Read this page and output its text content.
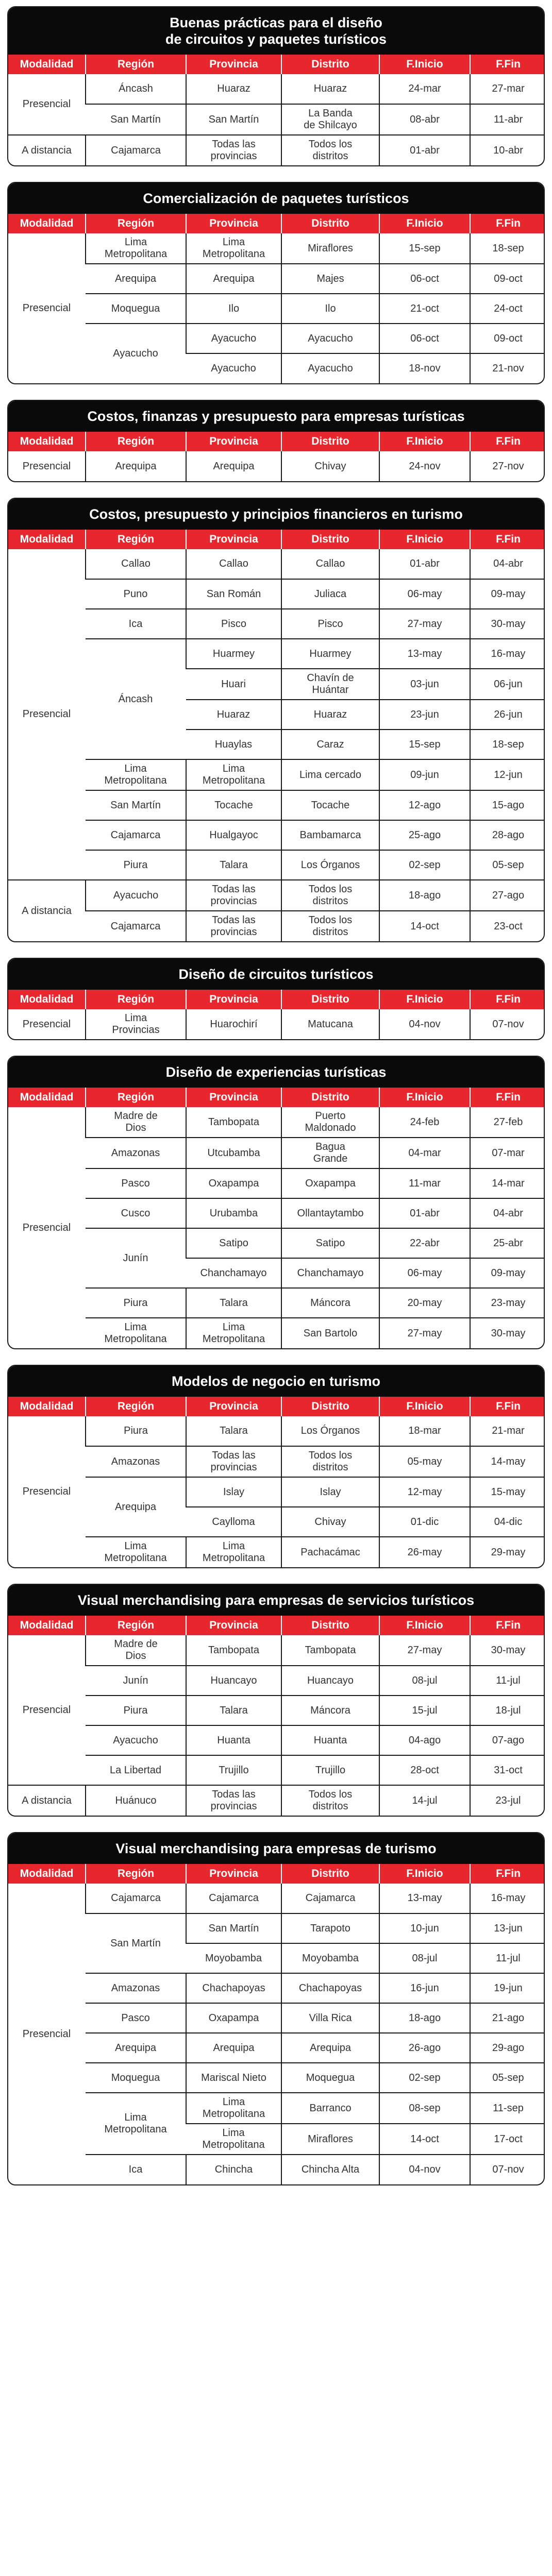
Buenas prácticas para el diseño
de circuitos y paquetes turísticos
Modalidad	Región	Provincia	Distrito	F.Inicio	F.Fin
Presencial	Áncash	Huaraz	Huaraz	24-mar	27-mar
	San Martín	San Martín	La Banda
de Shilcayo	08-abr	11-abr
A distancia	Cajamarca	Todas las
provincias	Todos los
distritos	01-abr	10-abr
Comercialización de paquetes turísticos
Modalidad	Región	Provincia	Distrito	F.Inicio	F.Fin
Presencial	Lima
Metropolitana	Lima
Metropolitana	Miraflores	15-sep	18-sep
	Arequipa	Arequipa	Majes	06-oct	09-oct
	Moquegua	Ilo	Ilo	21-oct	24-oct
	Ayacucho	Ayacucho	Ayacucho	06-oct	09-oct
		Ayacucho	Ayacucho	18-nov	21-nov
Costos, finanzas y presupuesto para empresas turísticas
Modalidad	Región	Provincia	Distrito	F.Inicio	F.Fin
Presencial	Arequipa	Arequipa	Chivay	24-nov	27-nov
Costos, presupuesto y principios financieros en turismo
Modalidad	Región	Provincia	Distrito	F.Inicio	F.Fin
Presencial	Callao	Callao	Callao	01-abr	04-abr
	Puno	San Román	Juliaca	06-may	09-may
	Ica	Pisco	Pisco	27-may	30-may
	Áncash	Huarmey	Huarmey	13-may	16-may
		Huari	Chavín de
Huántar	03-jun	06-jun
		Huaraz	Huaraz	23-jun	26-jun
		Huaylas	Caraz	15-sep	18-sep
	Lima
Metropolitana	Lima
Metropolitana	Lima cercado	09-jun	12-jun
	San Martín	Tocache	Tocache	12-ago	15-ago
	Cajamarca	Hualgayoc	Bambamarca	25-ago	28-ago
	Piura	Talara	Los Órganos	02-sep	05-sep
A distancia	Ayacucho	Todas las
provincias	Todos los
distritos	18-ago	27-ago
	Cajamarca	Todas las
provincias	Todos los
distritos	14-oct	23-oct
Diseño de circuitos turísticos
Modalidad	Región	Provincia	Distrito	F.Inicio	F.Fin
Presencial	Lima
Provincias	Huarochirí	Matucana	04-nov	07-nov
Diseño de experiencias turísticas
Modalidad	Región	Provincia	Distrito	F.Inicio	F.Fin
Presencial	Madre de
Dios	Tambopata	Puerto
Maldonado	24-feb	27-feb
	Amazonas	Utcubamba	Bagua
Grande	04-mar	07-mar
	Pasco	Oxapampa	Oxapampa	11-mar	14-mar
	Cusco	Urubamba	Ollantaytambo	01-abr	04-abr
	Junín	Satipo	Satipo	22-abr	25-abr
		Chanchamayo	Chanchamayo	06-may	09-may
	Piura	Talara	Máncora	20-may	23-may
	Lima
Metropolitana	Lima
Metropolitana	San Bartolo	27-may	30-may
Modelos de negocio en turismo
Modalidad	Región	Provincia	Distrito	F.Inicio	F.Fin
Presencial	Piura	Talara	Los Órganos	18-mar	21-mar
	Amazonas	Todas las
provincias	Todos los
distritos	05-may	14-may
	Arequipa	Islay	Islay	12-may	15-may
		Caylloma	Chivay	01-dic	04-dic
	Lima
Metropolitana	Lima
Metropolitana	Pachacámac	26-may	29-may
Visual merchandising para empresas de servicios turísticos
Modalidad	Región	Provincia	Distrito	F.Inicio	F.Fin
Presencial	Madre de
Dios	Tambopata	Tambopata	27-may	30-may
	Junín	Huancayo	Huancayo	08-jul	11-jul
	Piura	Talara	Máncora	15-jul	18-jul
	Ayacucho	Huanta	Huanta	04-ago	07-ago
	La Libertad	Trujillo	Trujillo	28-oct	31-oct
A distancia	Huánuco	Todas las
provincias	Todos los
distritos	14-jul	23-jul
Visual merchandising para empresas de turismo
Modalidad	Región	Provincia	Distrito	F.Inicio	F.Fin
Presencial	Cajamarca	Cajamarca	Cajamarca	13-may	16-may
	San Martín	San Martín	Tarapoto	10-jun	13-jun
		Moyobamba	Moyobamba	08-jul	11-jul
	Amazonas	Chachapoyas	Chachapoyas	16-jun	19-jun
	Pasco	Oxapampa	Villa Rica	18-ago	21-ago
	Arequipa	Arequipa	Arequipa	26-ago	29-ago
	Moquegua	Mariscal Nieto	Moquegua	02-sep	05-sep
	Lima
Metropolitana	Lima
Metropolitana	Barranco	08-sep	11-sep
		Lima
Metropolitana	Miraflores	14-oct	17-oct
	Ica	Chincha	Chincha Alta	04-nov	07-nov
